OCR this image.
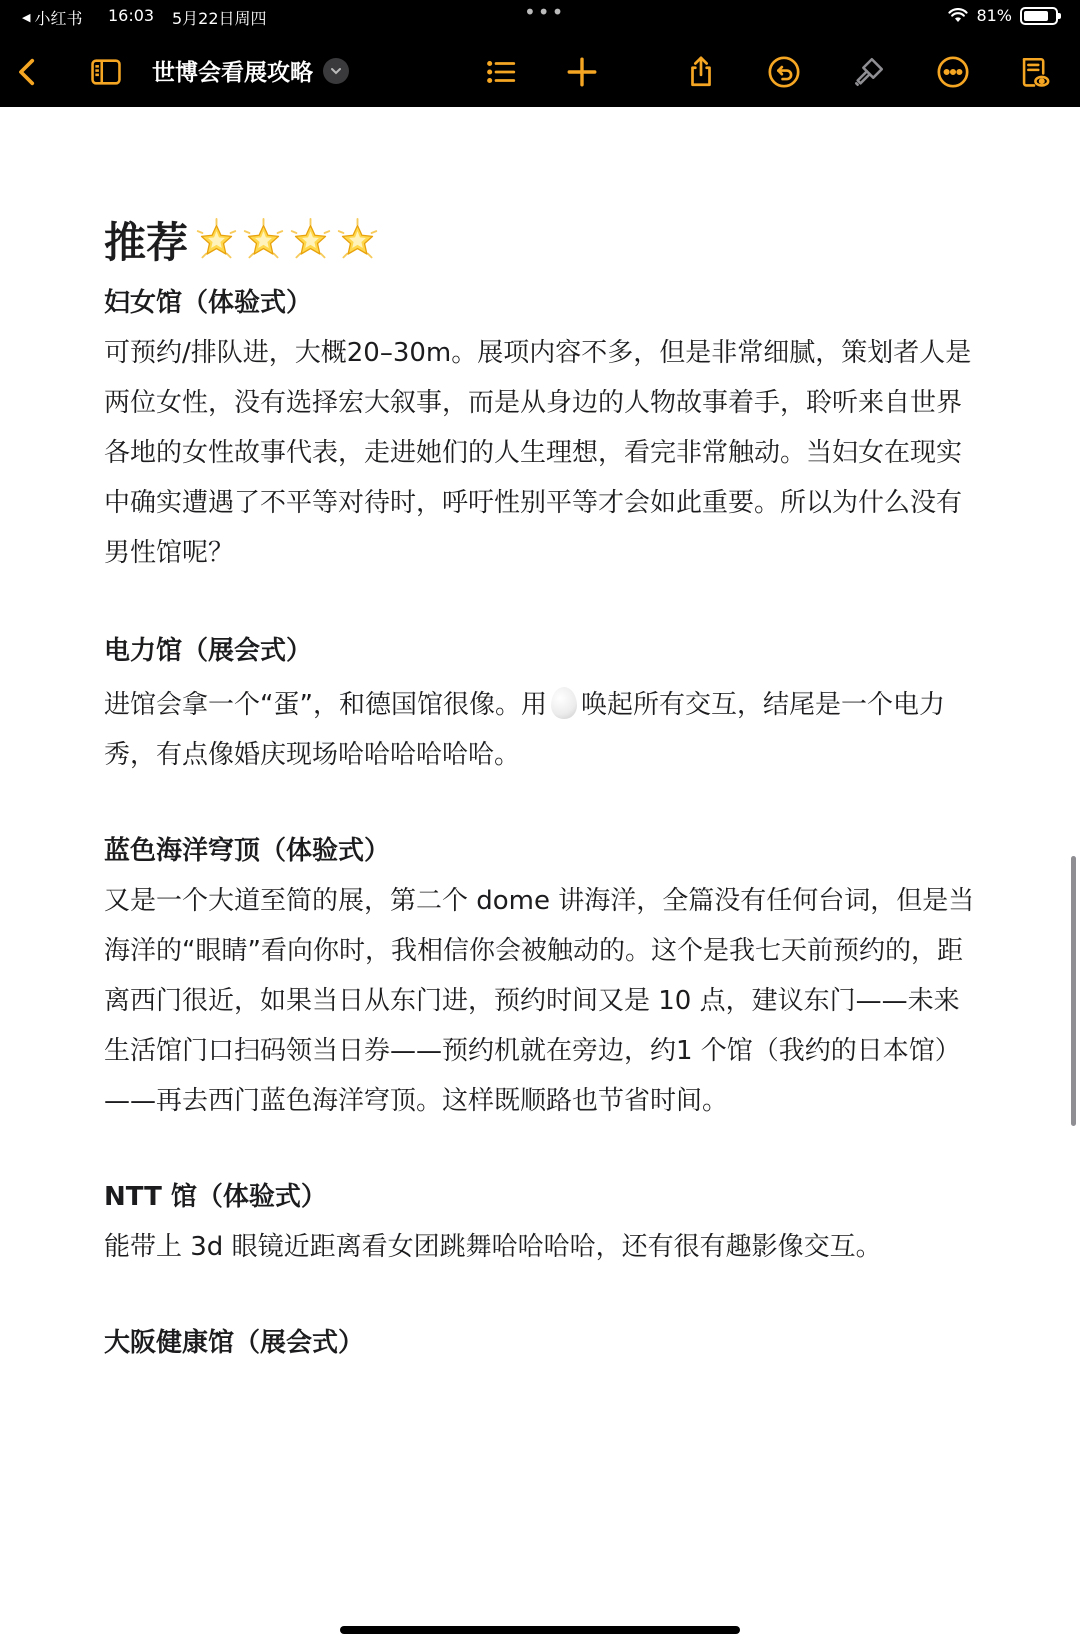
◀ 小红书 16:03 5月22日周四	•••	81%
世博会看展攻略
推荐
妇女馆（体验式）
可预约/排队进，大概20–30m。展项内容不多，但是非常细腻，策划者人是两位女性，没有选择宏大叙事，而是从身边的人物故事着手，聆听来自世界各地的女性故事代表，走进她们的人生理想，看完非常触动。当妇女在现实中确实遭遇了不平等对待时，呼吁性别平等才会如此重要。所以为什么没有男性馆呢？
电力馆（展会式）
进馆会拿一个“蛋”，和德国馆很像。用 唤起所有交互，结尾是一个电力秀，有点像婚庆现场哈哈哈哈哈哈。
蓝色海洋穹顶（体验式）
又是一个大道至简的展，第二个 dome 讲海洋，全篇没有任何台词，但是当海洋的“眼睛”看向你时，我相信你会被触动的。这个是我七天前预约的，距离西门很近，如果当日从东门进，预约时间又是 10 点，建议东门——未来生活馆门口扫码领当日券——预约机就在旁边，约1 个馆（我约的日本馆）——再去西门蓝色海洋穹顶。这样既顺路也节省时间。
NTT 馆（体验式）
能带上 3d 眼镜近距离看女团跳舞哈哈哈哈，还有很有趣影像交互。
大阪健康馆（展会式）
